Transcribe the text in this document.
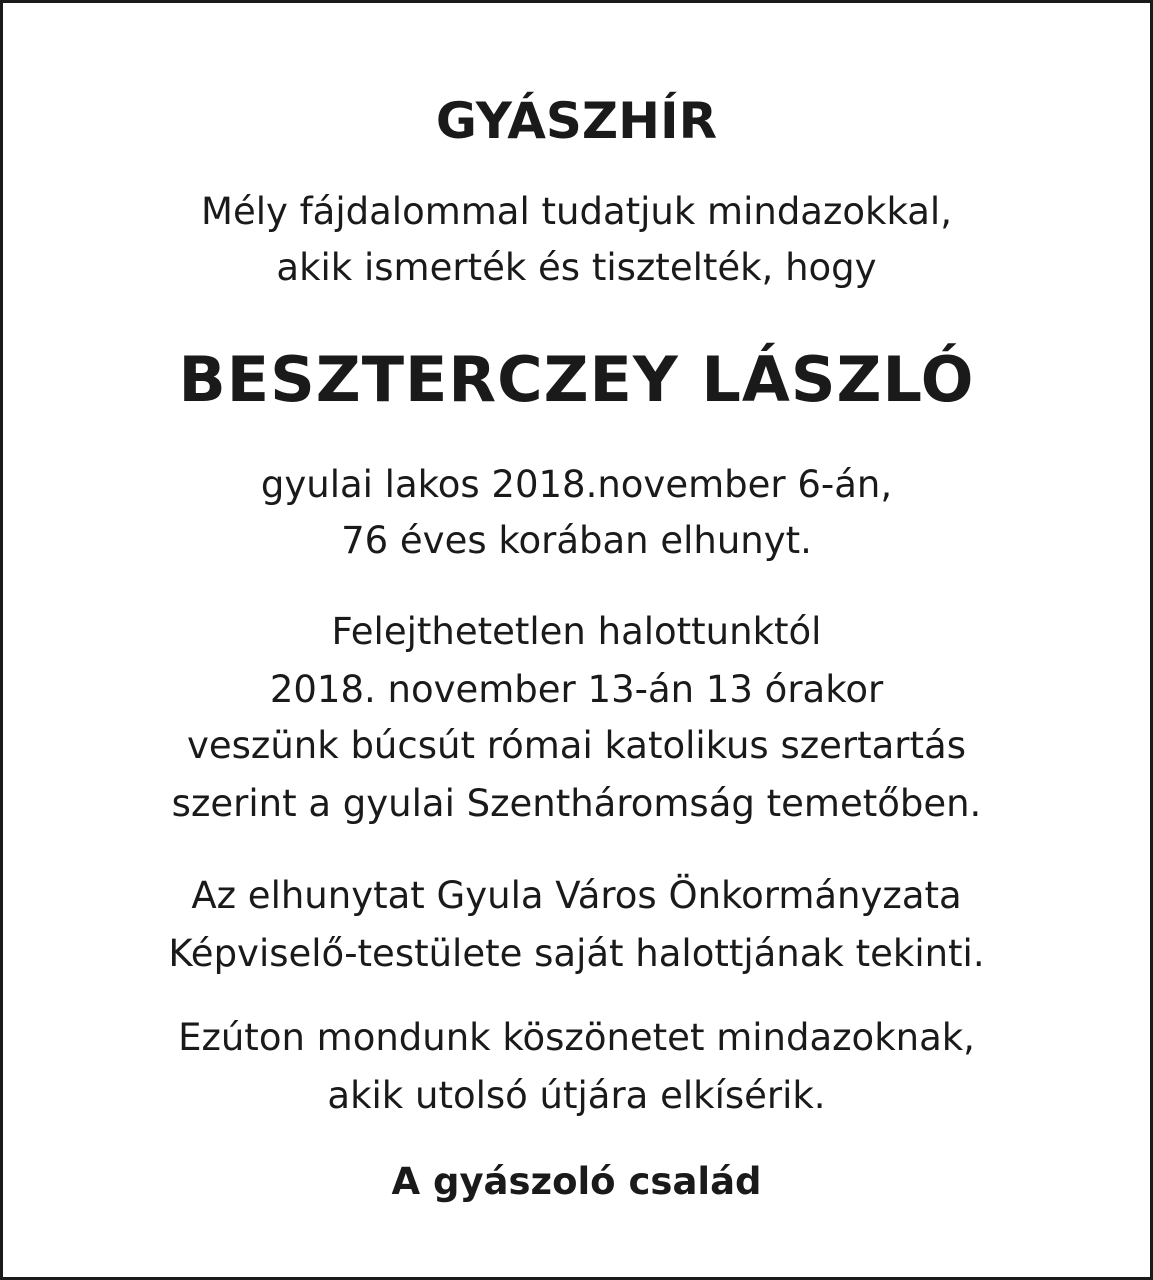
GYÁSZHÍR
Mély fájdalommal tudatjuk mindazokkal,
akik ismerték és tisztelték, hogy
BESZTERCZEY LÁSZLÓ
gyulai lakos 2018.november 6-án,
76 éves korában elhunyt.
Felejthetetlen halottunktól
2018. november 13-án 13 órakor
veszünk búcsút római katolikus szertartás
szerint a gyulai Szentháromság temetőben.
Az elhunytat Gyula Város Önkormányzata
Képviselő-testülete saját halottjának tekinti.
Ezúton mondunk köszönetet mindazoknak,
akik utolsó útjára elkísérik.
A gyászoló család
